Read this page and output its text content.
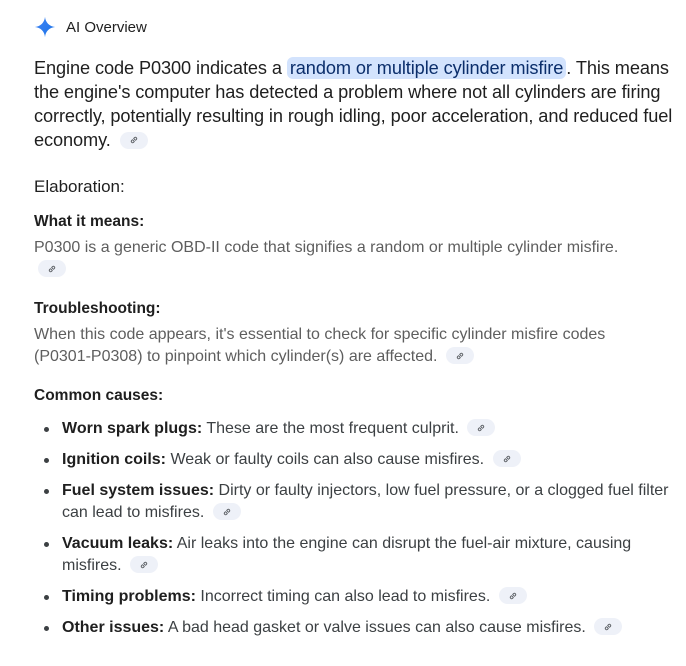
AI Overview
Engine code P0300 indicates a random or multiple cylinder misfire . This means the engine's computer has detected a problem where not all cylinders are firing correctly, potentially resulting in rough idling, poor acceleration, and reduced fuel economy.
Elaboration:
What it means:
P0300 is a generic OBD-II code that signifies a random or multiple cylinder misfire.
Troubleshooting:
When this code appears, it's essential to check for specific cylinder misfire codes (P0301-P0308) to pinpoint which cylinder(s) are affected.
Common causes:
Worn spark plugs: These are the most frequent culprit.
Ignition coils: Weak or faulty coils can also cause misfires.
Fuel system issues: Dirty or faulty injectors, low fuel pressure, or a clogged fuel filter can lead to misfires.
Vacuum leaks: Air leaks into the engine can disrupt the fuel-air mixture, causing misfires.
Timing problems: Incorrect timing can also lead to misfires.
Other issues: A bad head gasket or valve issues can also cause misfires.
